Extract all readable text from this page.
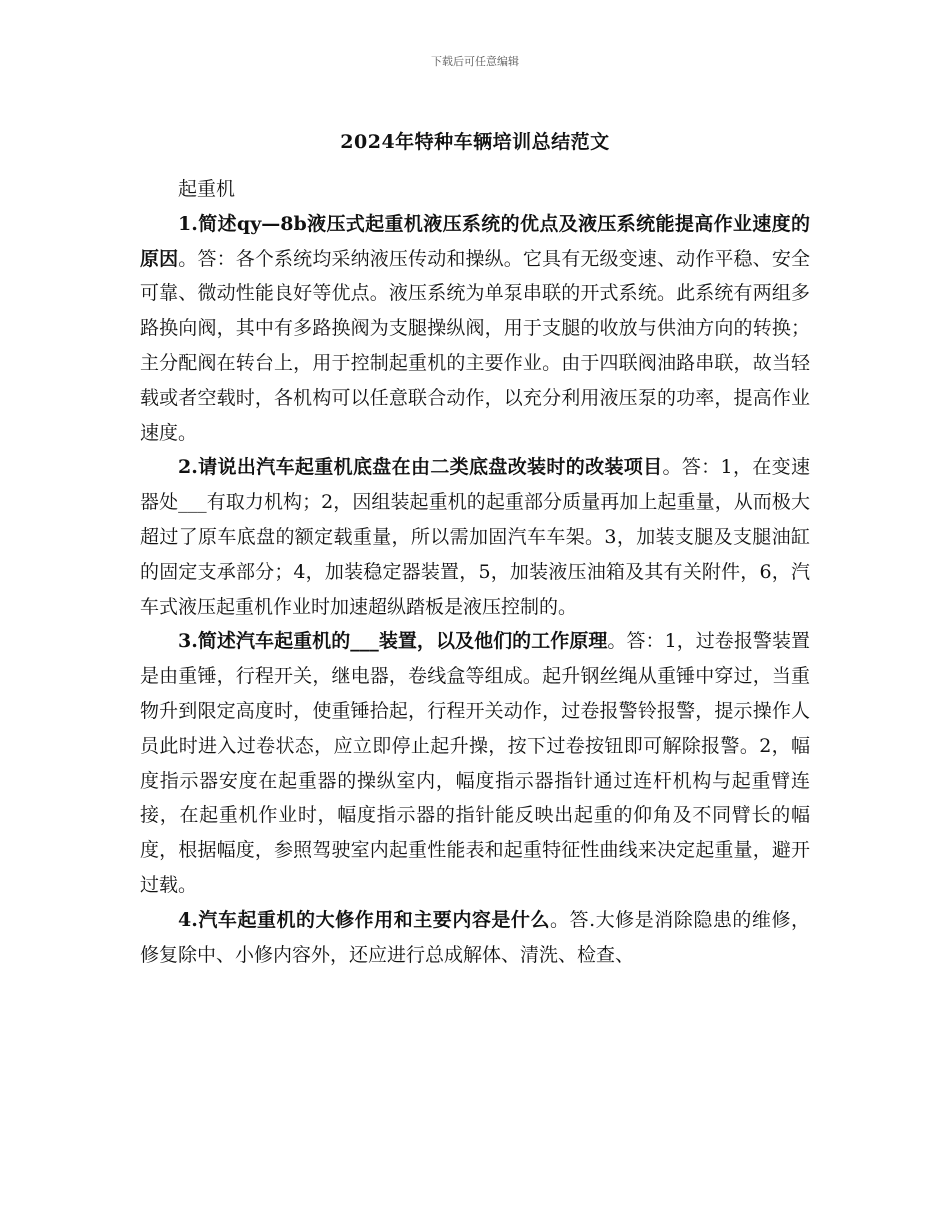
下载后可任意编辑
2024年特种车辆培训总结范文

起重机

1.简述qy—8b液压式起重机液压系统的优点及液压系统能提高作业速度的原因。答：各个系统均采纳液压传动和操纵。它具有无级变速、动作平稳、安全可靠、微动性能良好等优点。液压系统为单泵串联的开式系统。此系统有两组多路换向阀，其中有多路换阀为支腿操纵阀，用于支腿的收放与供油方向的转换；主分配阀在转台上，用于控制起重机的主要作业。由于四联阀油路串联，故当轻载或者空载时，各机构可以任意联合动作，以充分利用液压泵的功率，提高作业速度。

2.请说出汽车起重机底盘在由二类底盘改装时的改装项目。答：1，在变速器处___有取力机构；2，因组装起重机的起重部分质量再加上起重量，从而极大超过了原车底盘的额定载重量，所以需加固汽车车架。3，加装支腿及支腿油缸的固定支承部分；4，加装稳定器装置，5，加装液压油箱及其有关附件，6，汽车式液压起重机作业时加速超纵踏板是液压控制的。

3.简述汽车起重机的___装置，以及他们的工作原理。答：1，过卷报警装置是由重锤，行程开关，继电器，卷线盒等组成。起升钢丝绳从重锤中穿过，当重物升到限定高度时，使重锤拾起，行程开关动作，过卷报警铃报警，提示操作人员此时进入过卷状态，应立即停止起升操，按下过卷按钮即可解除报警。2，幅度指示器安度在起重器的操纵室内，幅度指示器指针通过连杆机构与起重臂连接，在起重机作业时，幅度指示器的指针能反映出起重的仰角及不同臂长的幅度，根据幅度，参照驾驶室内起重性能表和起重特征性曲线来决定起重量，避开过载。

4.汽车起重机的大修作用和主要内容是什么。答.大修是消除隐患的维修，修复除中、小修内容外，还应进行总成解体、清洗、检查、
